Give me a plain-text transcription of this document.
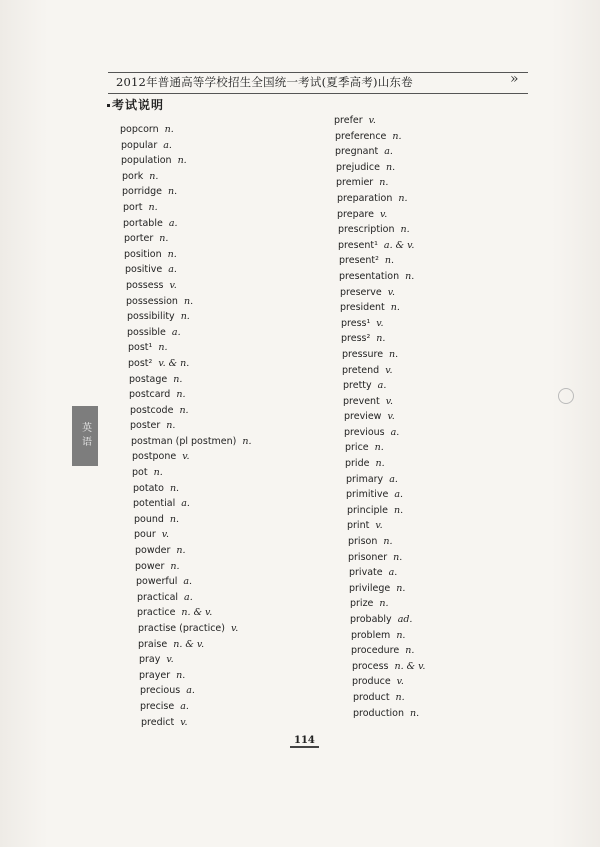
2012年普通高等学校招生全国统一考试(夏季高考)山东卷	»
考试说明
popcorn n.
popular a.
population n.
pork n.
porridge n.
port n.
portable a.
porter n.
position n.
positive a.
possess v.
possession n.
possibility n.
possible a.
post¹ n.
post² v. & n.
postage n.
postcard n.
postcode n.
poster n.
postman (pl postmen) n.
postpone v.
pot n.
potato n.
potential a.
pound n.
pour v.
powder n.
power n.
powerful a.
practical a.
practice n. & v.
practise (practice) v.
praise n. & v.
pray v.
prayer n.
precious a.
precise a.
predict v.
prefer v.
preference n.
pregnant a.
prejudice n.
premier n.
preparation n.
prepare v.
prescription n.
present¹ a. & v.
present² n.
presentation n.
preserve v.
president n.
press¹ v.
press² n.
pressure n.
pretend v.
pretty a.
prevent v.
preview v.
previous a.
price n.
pride n.
primary a.
primitive a.
principle n.
print v.
prison n.
prisoner n.
private a.
privilege n.
prize n.
probably ad.
problem n.
procedure n.
process n. & v.
produce v.
product n.
production n.
英语
114
